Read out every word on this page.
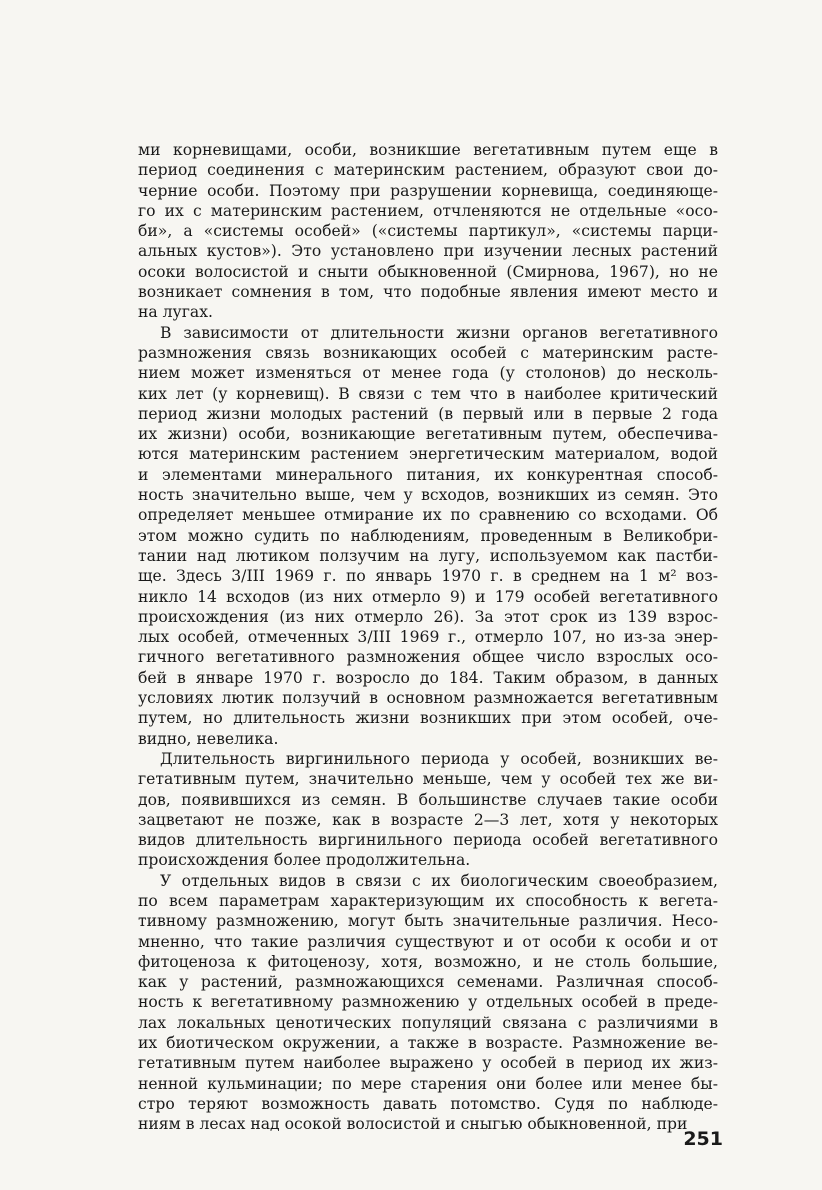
ми корневищами, особи, возникшие вегетативным путем еще в
период соединения с материнским растением, образуют свои до-
черние особи. Поэтому при разрушении корневища, соединяюще-
го их с материнским растением, отчленяются не отдельные «осо-
би», а «системы особей» («системы партикул», «системы парци-
альных кустов»). Это установлено при изучении лесных растений
осоки волосистой и сныти обыкновенной (Смирнова, 1967), но не
возникает сомнения в том, что подобные явления имеют место и
на лугах.
В зависимости от длительности жизни органов вегетативного
размножения связь возникающих особей с материнским расте-
нием может изменяться от менее года (у столонов) до несколь-
ких лет (у корневищ). В связи с тем что в наиболее критический
период жизни молодых растений (в первый или в первые 2 года
их жизни) особи, возникающие вегетативным путем, обеспечива-
ются материнским растением энергетическим материалом, водой
и элементами минерального питания, их конкурентная способ-
ность значительно выше, чем у всходов, возникших из семян. Это
определяет меньшее отмирание их по сравнению со всходами. Об
этом можно судить по наблюдениям, проведенным в Великобри-
тании над лютиком ползучим на лугу, используемом как пастби-
ще. Здесь 3/III 1969 г. по январь 1970 г. в среднем на 1 м² воз-
никло 14 всходов (из них отмерло 9) и 179 особей вегетативного
происхождения (из них отмерло 26). За этот срок из 139 взрос-
лых особей, отмеченных 3/III 1969 г., отмерло 107, но из-за энер-
гичного вегетативного размножения общее число взрослых осо-
бей в январе 1970 г. возросло до 184. Таким образом, в данных
условиях лютик ползучий в основном размножается вегетативным
путем, но длительность жизни возникших при этом особей, оче-
видно, невелика.
Длительность виргинильного периода у особей, возникших ве-
гетативным путем, значительно меньше, чем у особей тех же ви-
дов, появившихся из семян. В большинстве случаев такие особи
зацветают не позже, как в возрасте 2—3 лет, хотя у некоторых
видов длительность виргинильного периода особей вегетативного
происхождения более продолжительна.
У отдельных видов в связи с их биологическим своеобразием,
по всем параметрам характеризующим их способность к вегета-
тивному размножению, могут быть значительные различия. Несо-
мненно, что такие различия существуют и от особи к особи и от
фитоценоза к фитоценозу, хотя, возможно, и не столь большие,
как у растений, размножающихся семенами. Различная способ-
ность к вегетативному размножению у отдельных особей в преде-
лах локальных ценотических популяций связана с различиями в
их биотическом окружении, а также в возрасте. Размножение ве-
гетативным путем наиболее выражено у особей в период их жиз-
ненной кульминации; по мере старения они более или менее бы-
стро теряют возможность давать потомство. Судя по наблюде-
ниям в лесах над осокой волосистой и сныгью обыкновенной, при
251
